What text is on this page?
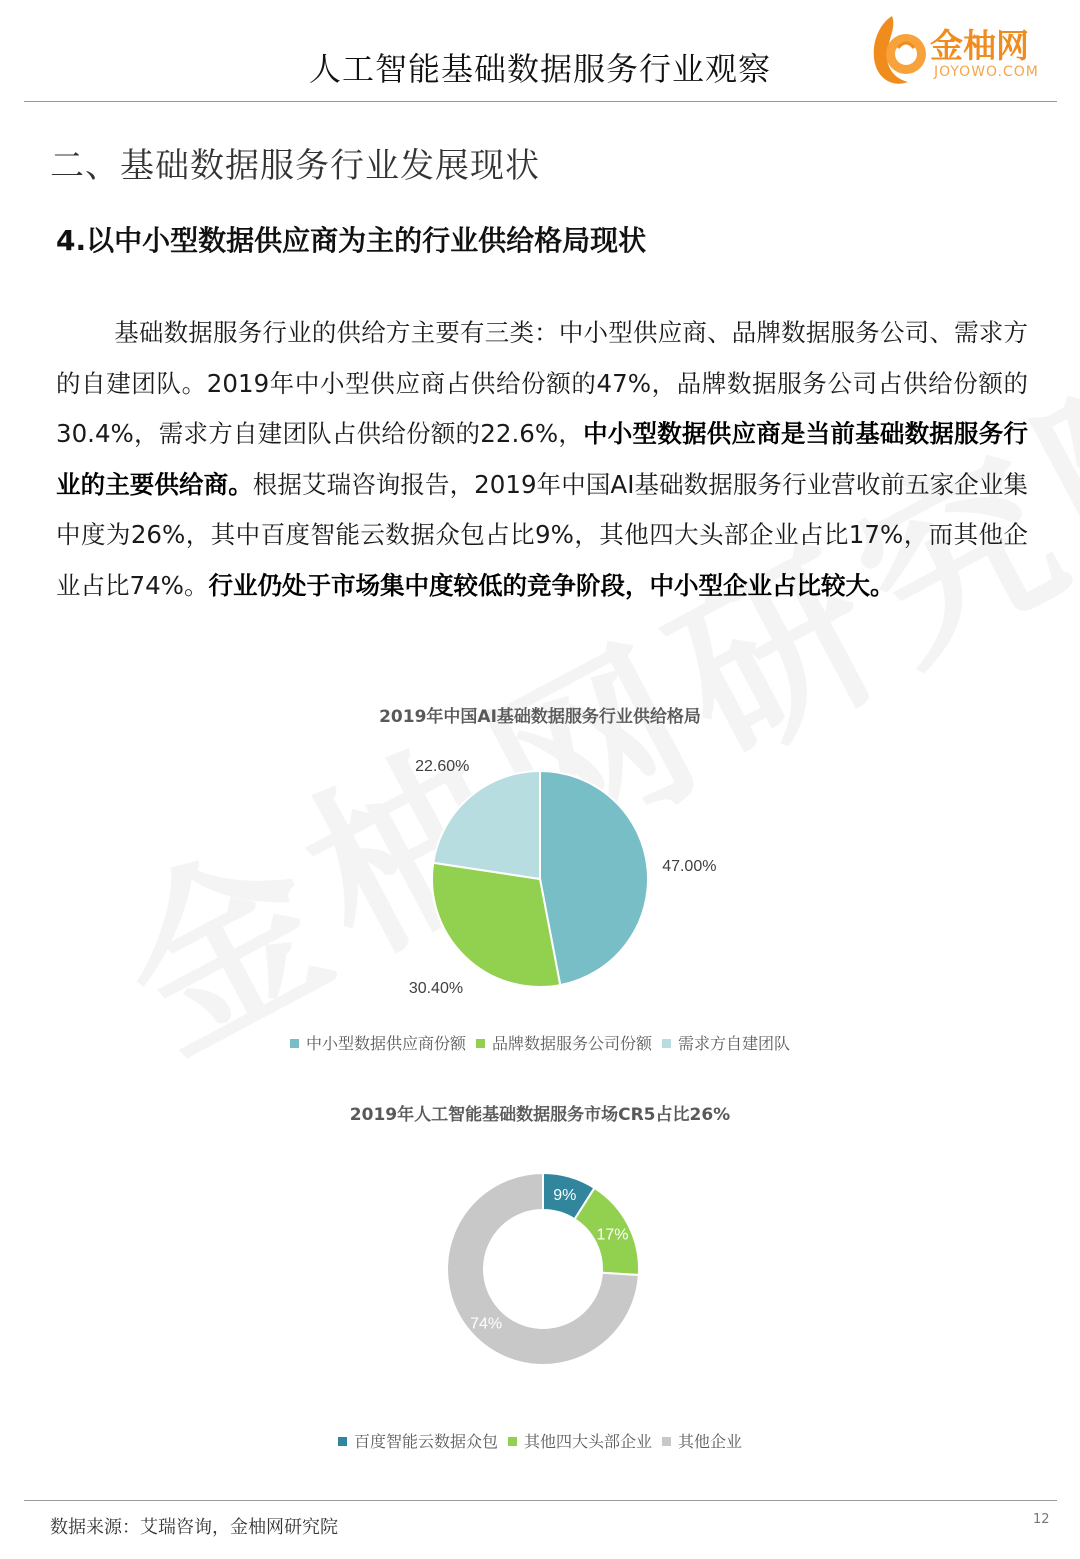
人工智能基础数据服务行业观察
金柚网
JOYOWO.COM
二、基础数据服务行业发展现状
4.以中小型数据供应商为主的行业供给格局现状
基础数据服务行业的供给方主要有三类：中小型供应商、品牌数据服务公司、需求方的自建团队。2019年中小型供应商占供给份额的47%，品牌数据服务公司占供给份额的30.4%，需求方自建团队占供给份额的22.6%，中小型数据供应商是当前基础数据服务行业的主要供给商。根据艾瑞咨询报告，2019年中国AI基础数据服务行业营收前五家企业集中度为26%，其中百度智能云数据众包占比9%，其他四大头部企业占比17%，而其他企业占比74%。行业仍处于市场集中度较低的竞争阶段，中小型企业占比较大。
2019年中国AI基础数据服务行业供给格局
47.00%
30.40%
22.60%
中小型数据供应商份额 品牌数据服务公司份额 需求方自建团队
2019年人工智能基础数据服务市场CR5占比26%
9%
17%
74%
百度智能云数据众包 其他四大头部企业 其他企业
数据来源：艾瑞咨询，金柚网研究院	12
